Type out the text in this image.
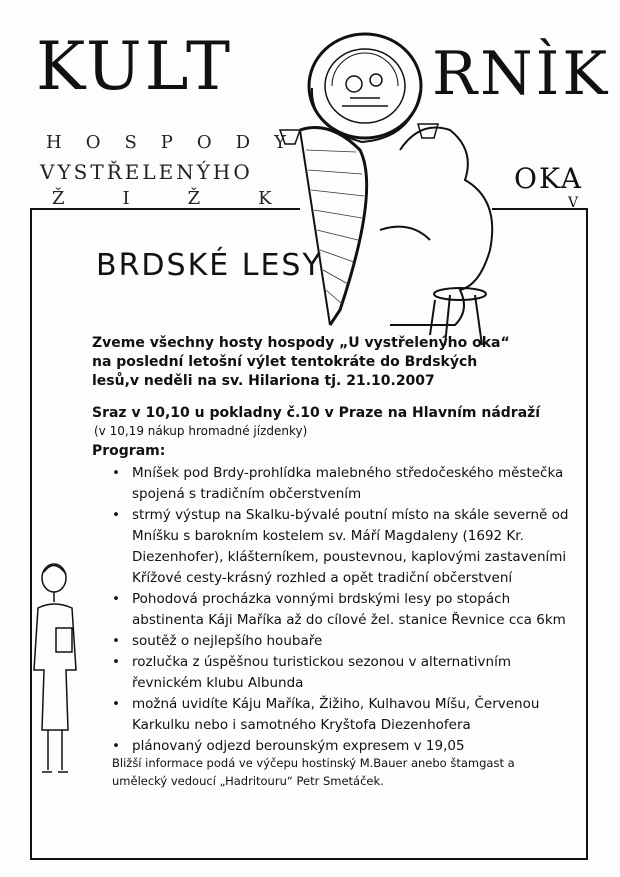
KULT	RNÌK
HOSPODY
VYSTŘELENÝHO
ŽIŽK
OKA
V
BRDSKÉ LESY
Zveme všechny hosty hospody „U vystřelenýho oka“ na poslední letošní výlet tentokráte do Brdských lesů,v neděli na sv. Hilariona tj. 21.10.2007
Sraz v 10,10 u pokladny č.10 v Praze na Hlavním nádraží
(v 10,19 nákup hromadné jízdenky)
Program:
• Mníšek pod Brdy-prohlídka malebného středočeského městečka spojená s tradičním občerstvením
• strmý výstup na Skalku-bývalé poutní místo na skále severně od Mníšku s barokním kostelem sv. Máří Magdaleny (1692 Kr. Diezenhofer), klášterníkem, poustevnou, kaplovými zastaveními Křížové cesty-krásný rozhled a opět tradiční občerstvení
• Pohodová procházka vonnými brdskými lesy po stopách abstinenta Káji Maříka až do cílové žel. stanice Řevnice cca 6km
• soutěž o nejlepšího houbaře
• rozlučka z úspěšnou turistickou sezonou v alternativním řevnickém klubu Albunda
• možná uvidíte Káju Maříka, Žižiho, Kulhavou Míšu, Červenou Karkulku nebo i samotného Kryštofa Diezenhofera
• plánovaný odjezd berounským expresem v 19,05
Bližší informace podá ve výčepu hostinský M.Bauer anebo štamgast a umělecký vedoucí „Hadritouru“ Petr Smetáček.
